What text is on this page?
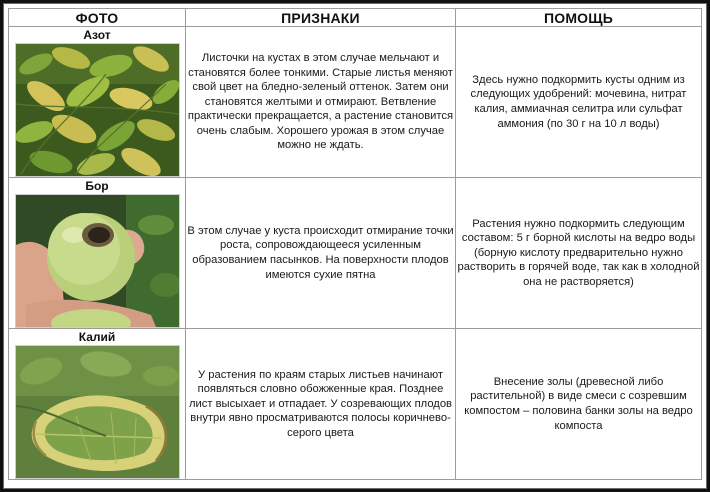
ФОТО	ПРИЗНАКИ	ПОМОЩЬ

Азот	Листочки на кустах в этом случае мельчают и становятся более тонкими. Старые листья меняют свой цвет на бледно-зеленый оттенок. Затем они становятся желтыми и отмирают. Ветвление практически прекращается, а растение становится очень слабым. Хорошего урожая в этом случае можно не ждать.	Здесь нужно подкормить кусты одним из следующих удобрений: мочевина, нитрат калия, аммиачная селитра или сульфат аммония (по 30 г на 10 л воды)

Бор	В этом случае у куста происходит отмирание точки роста, сопровождающееся усиленным образованием пасынков. На поверхности плодов имеются сухие пятна	Растения нужно подкормить следующим составом: 5 г борной кислоты на ведро воды (борную кислоту предварительно нужно растворить в горячей воде, так как в холодной она не растворяется)

Калий	У растения по краям старых листьев начинают появляться словно обожженные края. Позднее лист высыхает и отпадает. У созревающих плодов внутри явно просматриваются полосы коричнево-серого цвета	Внесение золы (древесной либо растительной) в виде смеси с созревшим компостом – половина банки золы на ведро компоста
